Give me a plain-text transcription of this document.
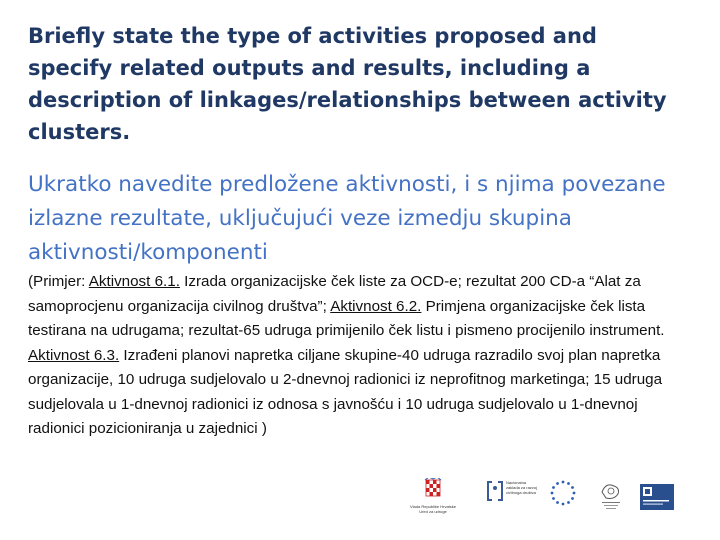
Briefly state the type of activities proposed and specify related outputs and results, including a description of linkages/relationships between activity clusters.

Ukratko navedite predložene aktivnosti, i s njima povezane izlazne rezultate, uključujući veze izmedju skupina aktivnosti/komponenti

(Primjer: Aktivnost 6.1. Izrada organizacijske ček liste za OCD-e; rezultat 200 CD-a “Alat za samoprocjenu organizacija civilnog društva”; Aktivnost 6.2. Primjena organizacijske ček lista testirana na udrugama; rezultat-65 udruga primijenilo ček listu i pismeno procijenilo instrument. Aktivnost 6.3. Izrađeni planovi napretka ciljane skupine-40 udruga razradilo svoj plan napretka organizacije, 10 udruga sudjelovalo u 2-dnevnoj radionici iz neprofitnog marketinga; 15 udruga sudjelovala u 1-dnevnoj radionici iz odnosa s javnošću i 10 udruga sudjelovalo u 1-dnevnoj radionici pozicioniranja u zajednici )

Vlada Republike Hrvatske Ured za udruge
Nacionalna zaklada za razvoj civilnoga društva
